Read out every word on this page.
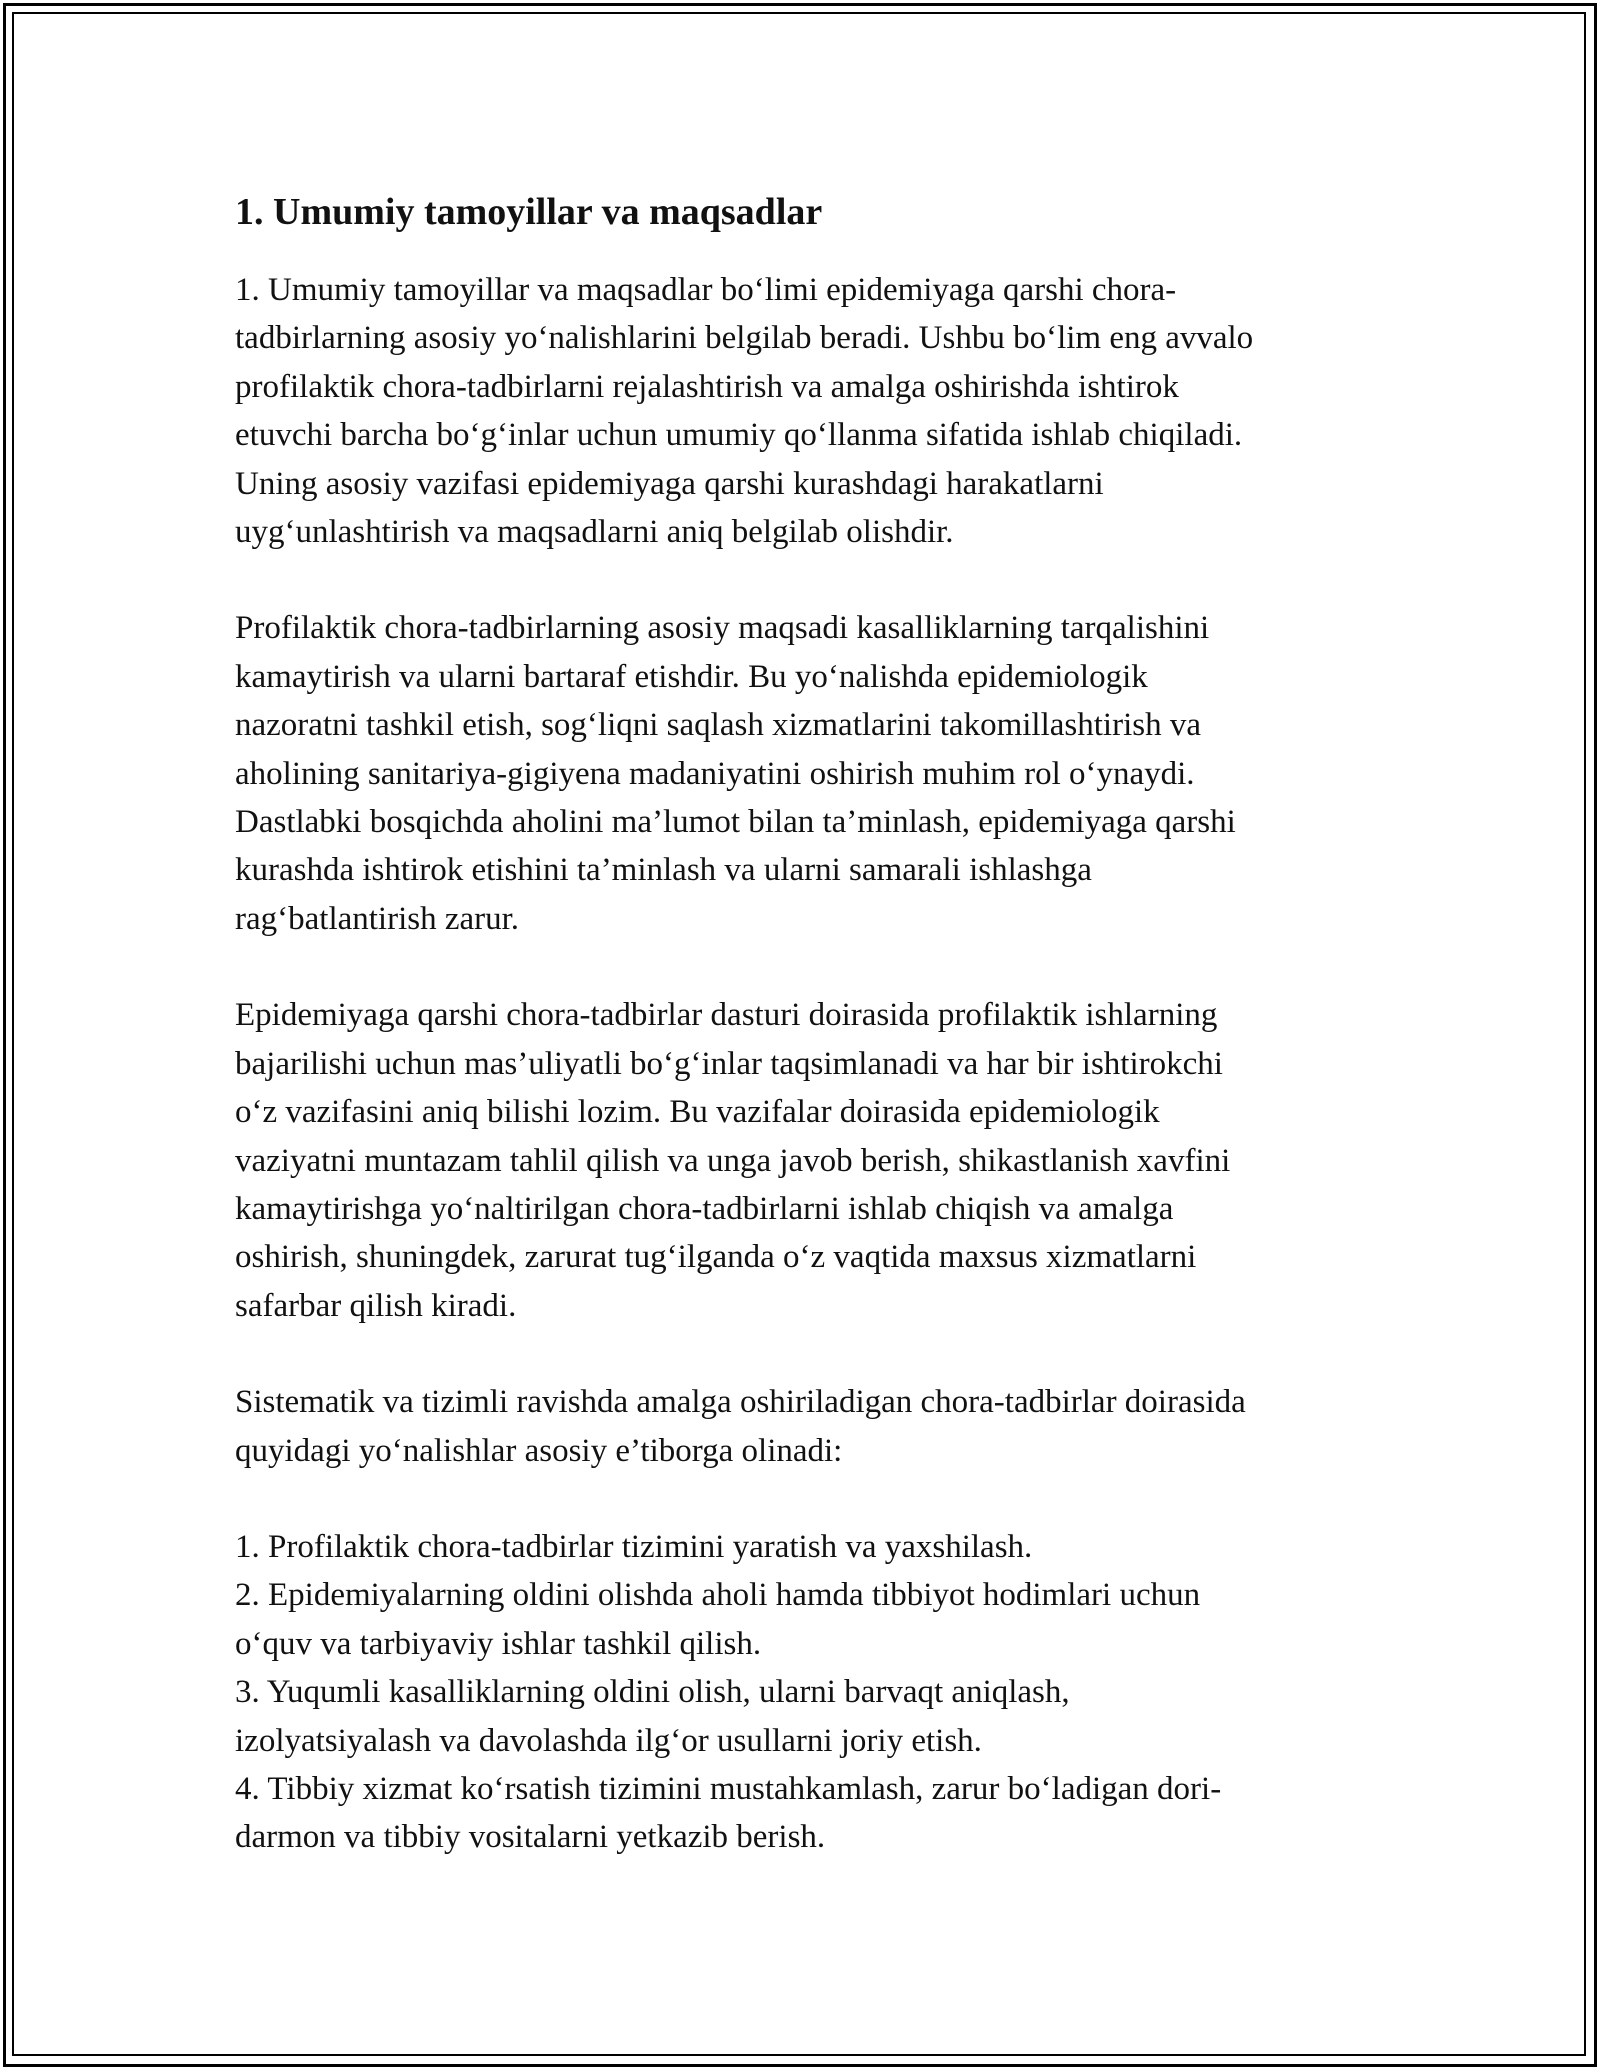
1. Umumiy tamoyillar va maqsadlar

1. Umumiy tamoyillar va maqsadlar bo‘limi epidemiyaga qarshi chora-
tadbirlarning asosiy yo‘nalishlarini belgilab beradi. Ushbu bo‘lim eng avvalo
profilaktik chora-tadbirlarni rejalashtirish va amalga oshirishda ishtirok
etuvchi barcha bo‘g‘inlar uchun umumiy qo‘llanma sifatida ishlab chiqiladi.
Uning asosiy vazifasi epidemiyaga qarshi kurashdagi harakatlarni
uyg‘unlashtirish va maqsadlarni aniq belgilab olishdir.

Profilaktik chora-tadbirlarning asosiy maqsadi kasalliklarning tarqalishini
kamaytirish va ularni bartaraf etishdir. Bu yo‘nalishda epidemiologik
nazoratni tashkil etish, sog‘liqni saqlash xizmatlarini takomillashtirish va
aholining sanitariya-gigiyena madaniyatini oshirish muhim rol o‘ynaydi.
Dastlabki bosqichda aholini ma’lumot bilan ta’minlash, epidemiyaga qarshi
kurashda ishtirok etishini ta’minlash va ularni samarali ishlashga
rag‘batlantirish zarur.

Epidemiyaga qarshi chora-tadbirlar dasturi doirasida profilaktik ishlarning
bajarilishi uchun mas’uliyatli bo‘g‘inlar taqsimlanadi va har bir ishtirokchi
o‘z vazifasini aniq bilishi lozim. Bu vazifalar doirasida epidemiologik
vaziyatni muntazam tahlil qilish va unga javob berish, shikastlanish xavfini
kamaytirishga yo‘naltirilgan chora-tadbirlarni ishlab chiqish va amalga
oshirish, shuningdek, zarurat tug‘ilganda o‘z vaqtida maxsus xizmatlarni
safarbar qilish kiradi.

Sistematik va tizimli ravishda amalga oshiriladigan chora-tadbirlar doirasida
quyidagi yo‘nalishlar asosiy e’tiborga olinadi:

1. Profilaktik chora-tadbirlar tizimini yaratish va yaxshilash.
2. Epidemiyalarning oldini olishda aholi hamda tibbiyot hodimlari uchun
o‘quv va tarbiyaviy ishlar tashkil qilish.
3. Yuqumli kasalliklarning oldini olish, ularni barvaqt aniqlash,
izolyatsiyalash va davolashda ilg‘or usullarni joriy etish.
4. Tibbiy xizmat ko‘rsatish tizimini mustahkamlash, zarur bo‘ladigan dori-
darmon va tibbiy vositalarni yetkazib berish.
